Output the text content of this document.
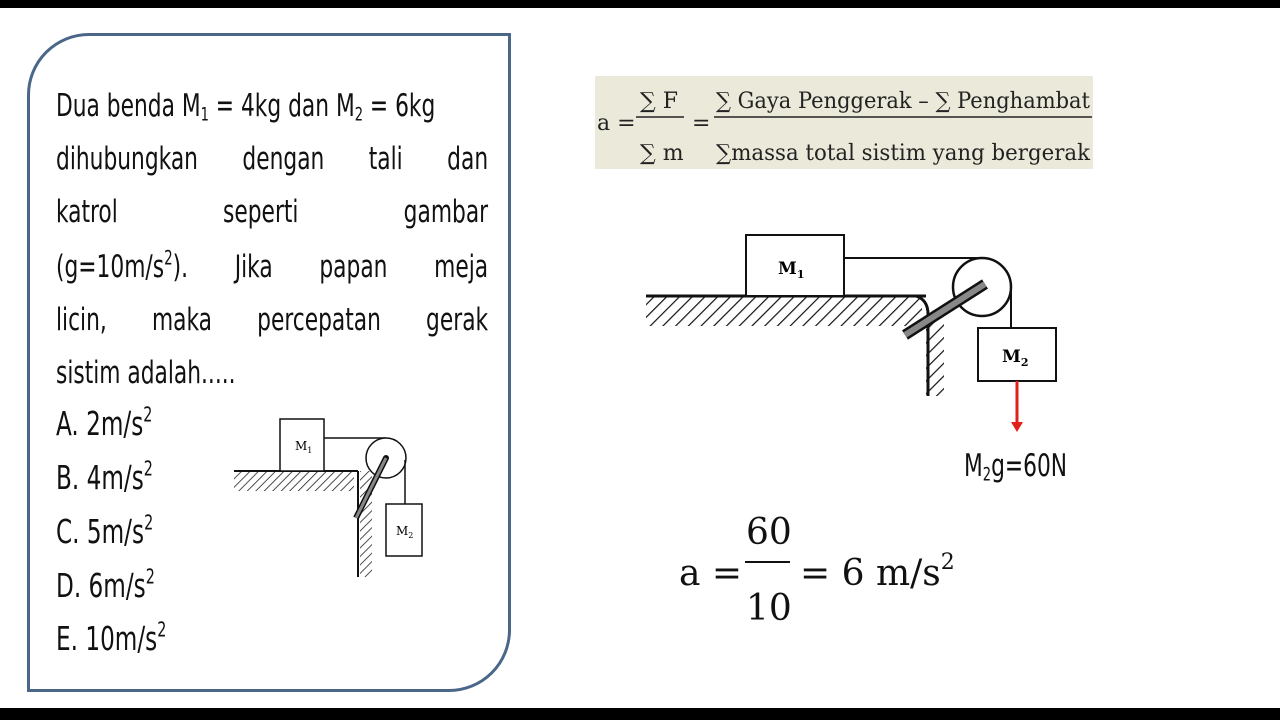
Dua benda $M_1 = 4kg$ dan $M_2 = 6kg$
dihubungkan dengan tali dan
katrol	seperti	gambar
$(g=10m/s^2)$. Jika papan meja
licin, maka percepatan gerak
sistim adalah.....
A. $2m/s^2$
B. $4m/s^2$
C. $5m/s^2$
D. $6m/s^2$
E. $10m/s^2$
a =
∑ F
∑ m
=
∑ Gaya Penggerak – ∑ Penghambat
∑massa total sistim yang bergerak
$M_1$
$M_2$
$M_1$
$M_2$
a =
60
10
= 6 $m/s^2$
$M_2g=60N$
